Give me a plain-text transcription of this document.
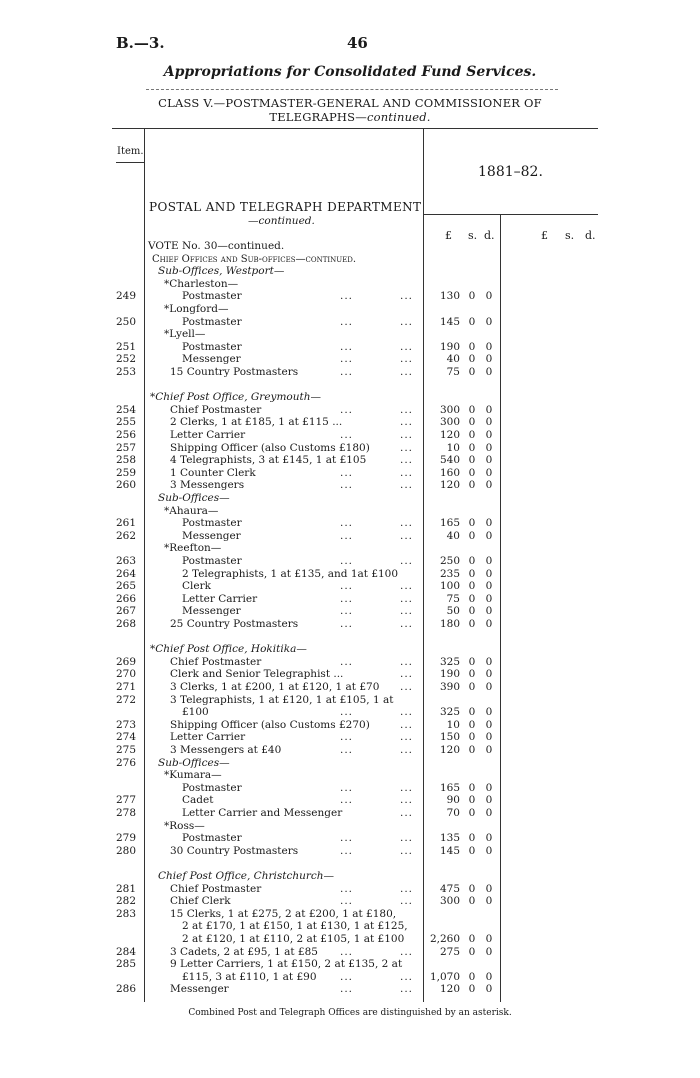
B.—3.	46
Appropriations for Consolidated Fund Services.
CLASS V.—POSTMASTER-GENERAL AND COMMISSIONER OF
TELEGRAPHS—continued.
Item.
1881–82.
POSTAL AND TELEGRAPH DEPARTMENT
—continued.
£ s. d.	£ s. d.
VOTE No. 30—continued.
Chief Offices and Sub-offices—continued.
Sub-Offices, Westport—
*Charleston—
249	Postmaster	...	...	130 0 0
*Longford—
250	Postmaster	...	...	145 0 0
*Lyell—
251	Postmaster	...	...	190 0 0
252	Messenger	...	...	40 0 0
253	15 Country Postmasters	...	...	75 0 0
*Chief Post Office, Greymouth—
254	Chief Postmaster	...	...	300 0 0
255	2 Clerks, 1 at £185, 1 at £115 ...	...	300 0 0
256	Letter Carrier	...	...	120 0 0
257	Shipping Officer (also Customs £180)	...	10 0 0
258	4 Telegraphists, 3 at £145, 1 at £105	...	540 0 0
259	1 Counter Clerk	...	...	160 0 0
260	3 Messengers	...	...	120 0 0
Sub-Offices—
*Ahaura—
261	Postmaster	...	...	165 0 0
262	Messenger	...	...	40 0 0
*Reefton—
263	Postmaster	...	...	250 0 0
264	2 Telegraphists, 1 at £135, and 1at £100	235 0 0
265	Clerk	...	...	100 0 0
266	Letter Carrier	...	...	75 0 0
267	Messenger	...	...	50 0 0
268	25 Country Postmasters	...	...	180 0 0
*Chief Post Office, Hokitika—
269	Chief Postmaster	...	...	325 0 0
270	Clerk and Senior Telegraphist ...	...	190 0 0
271	3 Clerks, 1 at £200, 1 at £120, 1 at £70 ...	390 0 0
272	3 Telegraphists, 1 at £120, 1 at £105, 1 at
£100	...	...	325 0 0
273	Shipping Officer (also Customs £270)	...	10 0 0
274	Letter Carrier	...	...	150 0 0
275	3 Messengers at £40	...	...	120 0 0
276 Sub-Offices—
*Kumara—
Postmaster	...	...	165 0 0
277	Cadet	...	...	90 0 0
278	Letter Carrier and Messenger	...	70 0 0
*Ross—
279	Postmaster	...	...	135 0 0
280	30 Country Postmasters	...	...	145 0 0
Chief Post Office, Christchurch—
281	Chief Postmaster	...	...	475 0 0
282	Chief Clerk	...	...	300 0 0
283	15 Clerks, 1 at £275, 2 at £200, 1 at £180,
2 at £170, 1 at £150, 1 at £130, 1 at £125,
2 at £120, 1 at £110, 2 at £105, 1 at £100	2,260 0 0
284	3 Cadets, 2 at £95, 1 at £85 ...	...	275 0 0
285	9 Letter Carriers, 1 at £150, 2 at £135, 2 at
£115, 3 at £110, 1 at £90 ...	...	1,070 0 0
286	Messenger	...	...	120 0 0
Combined Post and Telegraph Offices are distinguished by an asterisk.
